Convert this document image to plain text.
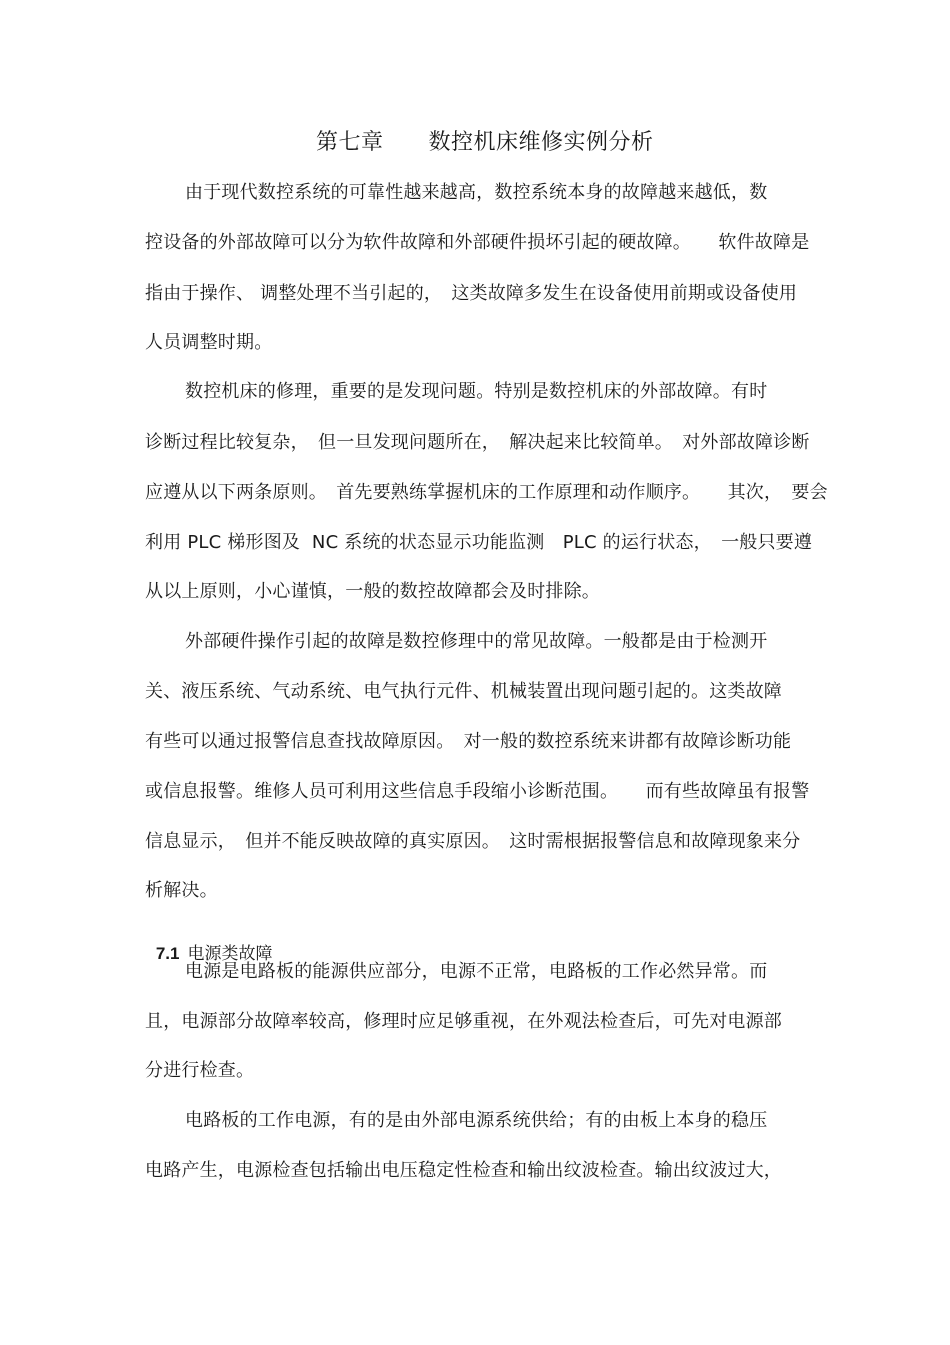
第七章　　数控机床维修实例分析
由于现代数控系统的可靠性越来越高，数控系统本身的故障越来越低，数
控设备的外部故障可以分为软件故障和外部硬件损坏引起的硬故障。　　软件故障是
指由于操作、 调整处理不当引起的，　这类故障多发生在设备使用前期或设备使用
人员调整时期。
数控机床的修理，重要的是发现问题。特别是数控机床的外部故障。有时
诊断过程比较复杂，　但一旦发现问题所在，　解决起来比较简单。　对外部故障诊断
应遵从以下两条原则。　首先要熟练掌握机床的工作原理和动作顺序。　　其次，　要会
利用 PLC 梯形图及  NC 系统的状态显示功能监测　PLC 的运行状态，　一般只要遵
从以上原则，小心谨慎，一般的数控故障都会及时排除。
外部硬件操作引起的故障是数控修理中的常见故障。一般都是由于检测开
关、液压系统、气动系统、电气执行元件、机械装置出现问题引起的。这类故障
有些可以通过报警信息查找故障原因。　对一般的数控系统来讲都有故障诊断功能
或信息报警。维修人员可利用这些信息手段缩小诊断范围。　　而有些故障虽有报警
信息显示，　但并不能反映故障的真实原因。　这时需根据报警信息和故障现象来分
析解决。

7.1 电源类故障

电源是电路板的能源供应部分，电源不正常，电路板的工作必然异常。而
且，电源部分故障率较高，修理时应足够重视，在外观法检查后，可先对电源部
分进行检查。
电路板的工作电源，有的是由外部电源系统供给；有的由板上本身的稳压
电路产生，电源检查包括输出电压稳定性检查和输出纹波检查。输出纹波过大，
